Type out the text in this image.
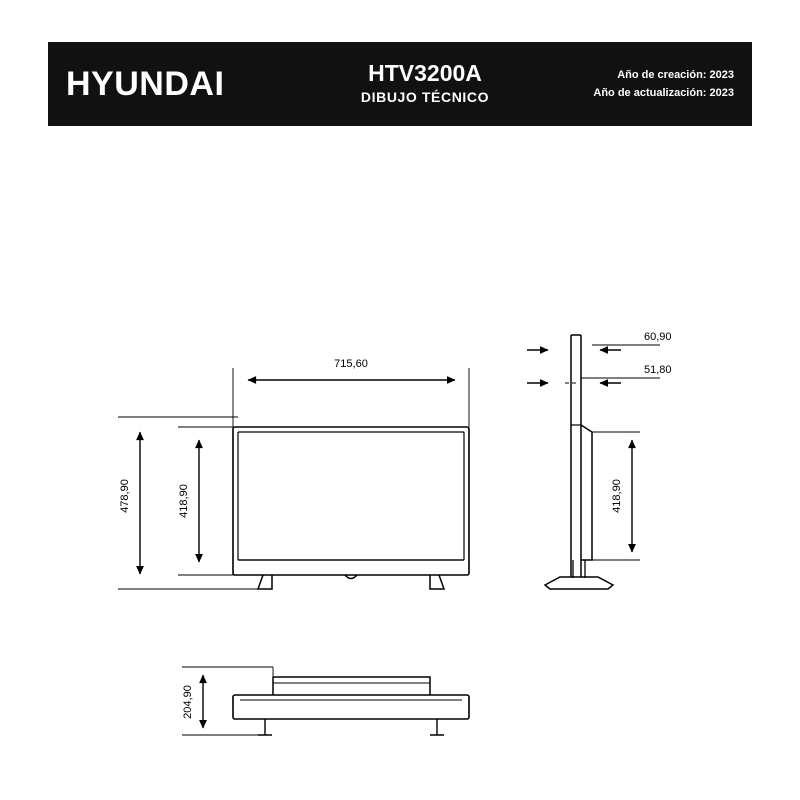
HYUNDAI	HTV3200A
DIBUJO TÉCNICO
Año de creación: 2023
Año de actualización: 2023
715,60
478,90	418,90
60,90
51,80
418,90
204,90
